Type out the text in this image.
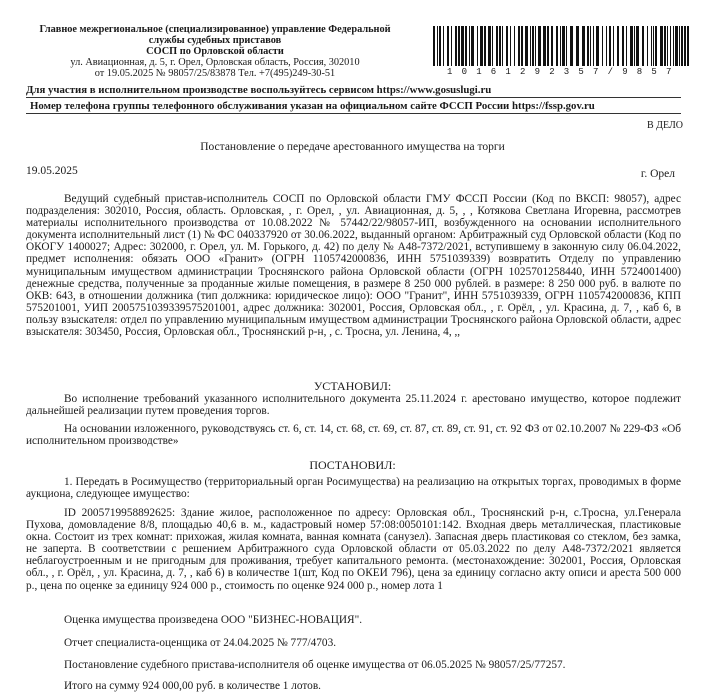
Главное межрегиональное (специализированное) управление Федеральной
службы судебных приставов
СОСП по Орловской области
ул. Авиационная, д. 5, г. Орел, Орловская область, Россия, 302010
от 19.05.2025 № 98057/25/83878 Тел. +7(495)249-30-51	10161292357/9857
Для участия в исполнительном производстве воспользуйтесь сервисом https://www.gosuslugi.ru
Номер телефона группы телефонного обслуживания указан на официальном сайте ФССП России https://fssp.gov.ru
В ДЕЛО
Постановление о передаче арестованного имущества на торги
19.05.2025	г. Орел

Ведущий судебный пристав-исполнитель СОСП по Орловской области ГМУ ФССП России (Код по ВКСП: 98057), адрес подразделения: 302010, Россия, область. Орловская, , г. Орел, , ул. Авиационная, д. 5, , , Котякова Светлана Игоревна, рассмотрев материалы исполнительного производства от 10.08.2022 № 57442/22/98057-ИП, возбужденного на основании исполнительного документа исполнительный лист (1) № ФС 040337920 от 30.06.2022, выданный органом: Арбитражный суд Орловской области (Код по ОКОГУ 1400027; Адрес: 302000, г. Орел, ул. М. Горького, д. 42) по делу № А48-7372/2021, вступившему в законную силу 06.04.2022, предмет исполнения: обязать ООО «Гранит» (ОГРН 1105742000836, ИНН 5751039339) возвратить Отделу по управлению муниципальным имуществом администрации Троснянского района Орловской области (ОГРН 1025701258440, ИНН 5724001400) денежные средства, полученные за проданные жилые помещения, в размере 8 250 000 рублей. в размере: 8 250 000 руб. в валюте по ОКВ: 643, в отношении должника (тип должника: юридическое лицо): ООО "Гранит", ИНН 5751039339, ОГРН 1105742000836, КПП 575201001, УИП 2005751039339575201001, адрес должника: 302001, Россия, Орловская обл., , г. Орёл, , ул. Красина, д. 7, , каб 6, в пользу взыскателя: отдел по управлению муниципальным имуществом администрации Троснянского района Орловской области, адрес взыскателя: 303450, Россия, Орловская обл., Троснянский р-н, , с. Тросна, ул. Ленина, 4, ,,

УСТАНОВИЛ:

Во исполнение требований указанного исполнительного документа 25.11.2024 г. арестовано имущество, которое подлежит дальнейшей реализации путем проведения торгов.

На основании изложенного, руководствуясь ст. 6, ст. 14, ст. 68, ст. 69, ст. 87, ст. 89, ст. 91, ст. 92 ФЗ от 02.10.2007 № 229-ФЗ «Об исполнительном производстве»

ПОСТАНОВИЛ:

1. Передать в Росимущество (территориальный орган Росимущества) на реализацию на открытых торгах, проводимых в форме аукциона, следующее имущество:

ID 2005719958892625: Здание жилое, расположенное по адресу: Орловская обл., Троснянский р-н, с.Тросна, ул.Генерала Пухова, домовладение 8/8, площадью 40,6 в. м., кадастровый номер 57:08:0050101:142. Входная дверь металлическая, пластиковые окна. Состоит из трех комнат: прихожая, жилая комната, ванная комната (санузел). Запасная дверь пластиковая со стеклом, без замка, не заперта. В соответствии с решением Арбитражного суда Орловской области от 05.03.2022 по делу А48-7372/2021 является неблагоустроенным и не пригодным для проживания, требует капитального ремонта. (местонахождение: 302001, Россия, Орловская обл., , г. Орёл, , ул. Красина, д. 7, , каб 6) в количестве 1(шт, Код по ОКЕИ 796), цена за единицу согласно акту описи и ареста 500 000 р., цена по оценке за единицу 924 000 р., стоимость по оценке 924 000 р., номер лота 1

Оценка имущества произведена ООО "БИЗНЕС-НОВАЦИЯ".

Отчет специалиста-оценщика от 24.04.2025 № 777/4703.

Постановление судебного пристава-исполнителя об оценке имущества от 06.05.2025 № 98057/25/77257.

Итого на сумму 924 000,00 руб. в количестве 1 лотов.
